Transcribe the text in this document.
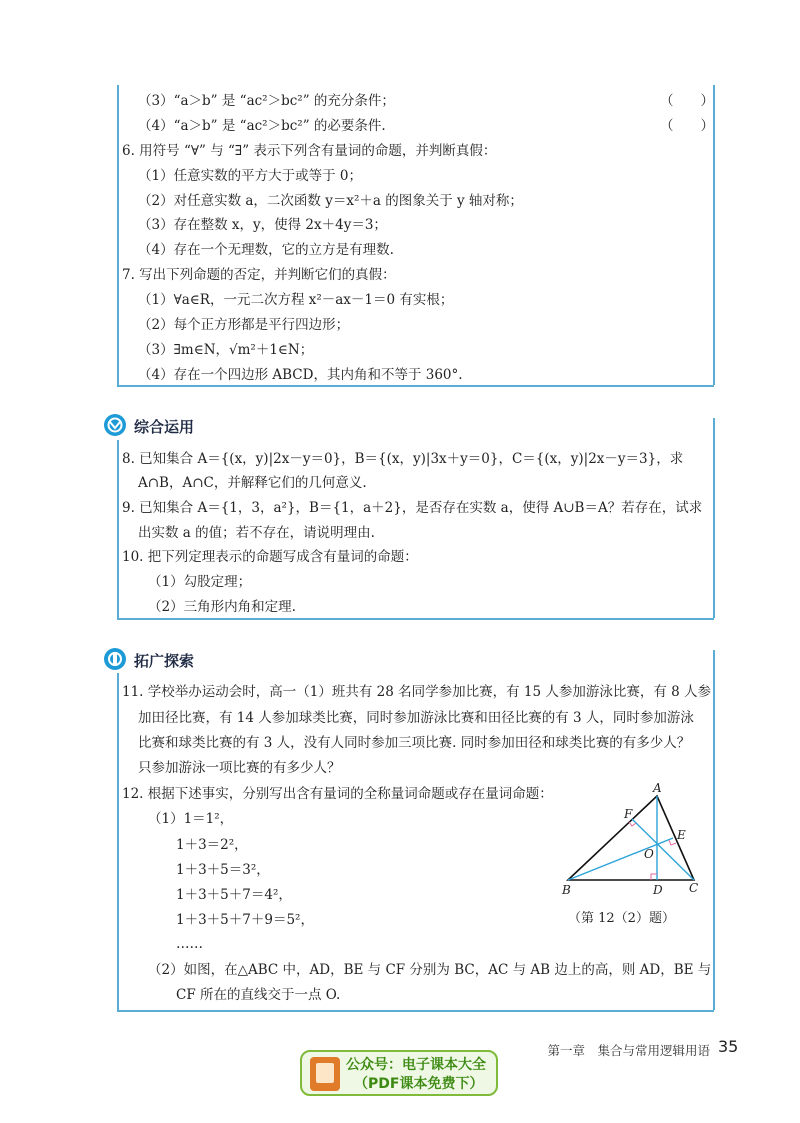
（　　）
（　　）
综合运用
拓广探索
（3）“a＞b” 是 “ac²＞bc²” 的充分条件；
（4）“a＞b” 是 “ac²＞bc²” 的必要条件.
6. 用符号 “∀” 与 “∃” 表示下列含有量词的命题，并判断真假：
（1）任意实数的平方大于或等于 0；
（2）对任意实数 a，二次函数 y＝x²＋a 的图象关于 y 轴对称；
（3）存在整数 x，y，使得 2x＋4y＝3；
（4）存在一个无理数，它的立方是有理数.
7. 写出下列命题的否定，并判断它们的真假：
（1）∀a∈R，一元二次方程 x²－ax－1＝0 有实根；
（2）每个正方形都是平行四边形；
（3）∃m∈N，√m²＋1∈N；
（4）存在一个四边形 ABCD，其内角和不等于 360°.
8. 已知集合 A＝{(x，y)|2x－y＝0}，B＝{(x，y)|3x＋y＝0}，C＝{(x，y)|2x－y＝3}，求
A∩B，A∩C，并解释它们的几何意义.
9. 已知集合 A＝{1，3，a²}，B＝{1，a＋2}，是否存在实数 a，使得 A∪B＝A？若存在，试求
出实数 a 的值；若不存在，请说明理由.
10. 把下列定理表示的命题写成含有量词的命题：
（1）勾股定理；
（2）三角形内角和定理.
11. 学校举办运动会时，高一（1）班共有 28 名同学参加比赛，有 15 人参加游泳比赛，有 8 人参
加田径比赛，有 14 人参加球类比赛，同时参加游泳比赛和田径比赛的有 3 人，同时参加游泳
比赛和球类比赛的有 3 人，没有人同时参加三项比赛. 同时参加田径和球类比赛的有多少人？
只参加游泳一项比赛的有多少人？
12. 根据下述事实，分别写出含有量词的全称量词命题或存在量词命题：
（1）1＝1²，
1＋3＝2²，
1＋3＋5＝3²，
1＋3＋5＋7＝4²，
1＋3＋5＋7＋9＝5²，
……
（2）如图，在△ABC 中，AD，BE 与 CF 分别为 BC，AC 与 AB 边上的高，则 AD，BE 与
CF 所在的直线交于一点 O.
A
B	C
D
E
F
O
（第 12（2）题）
第一章　集合与常用逻辑用语 35
公众号：电子课本大全
（PDF课本免费下）
